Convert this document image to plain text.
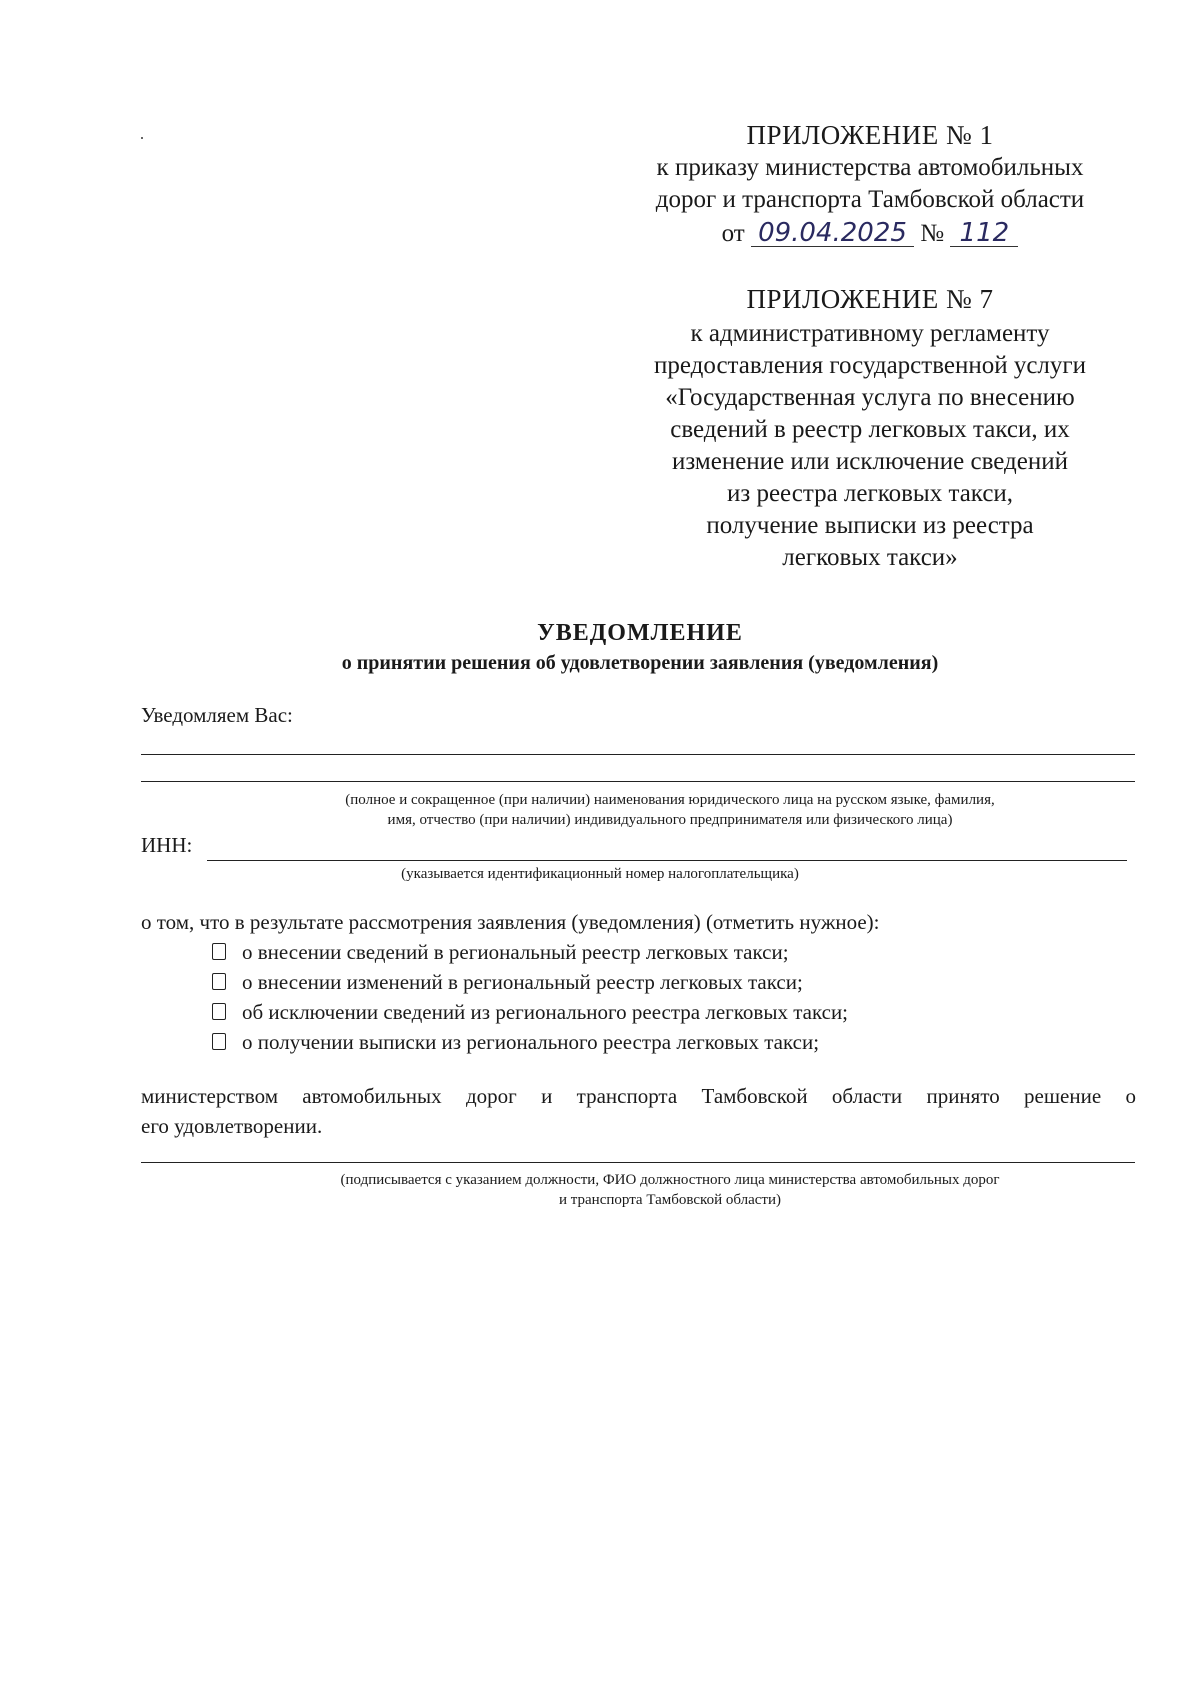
ПРИЛОЖЕНИЕ № 1
к приказу министерства автомобильных
дорог и транспорта Тамбовской области
от 09.04.2025 № 112
ПРИЛОЖЕНИЕ № 7
к административному регламенту
предоставления государственной услуги
«Государственная услуга по внесению
сведений в реестр легковых такси, их
изменение или исключение сведений
из реестра легковых такси,
получение выписки из реестра
легковых такси»
УВЕДОМЛЕНИЕ
о принятии решения об удовлетворении заявления (уведомления)
Уведомляем Вас:
(полное и сокращенное (при наличии) наименования юридического лица на русском языке, фамилия,
имя, отчество (при наличии) индивидуального предпринимателя или физического лица)
ИНН:
(указывается идентификационный номер налогоплательщика)
о том, что в результате рассмотрения заявления (уведомления) (отметить нужное):
о внесении сведений в региональный реестр легковых такси;
о внесении изменений в региональный реестр легковых такси;
об исключении сведений из регионального реестра легковых такси;
о получении выписки из регионального реестра легковых такси;
министерством автомобильных дорог и транспорта Тамбовской области принято решение о
его удовлетворении.
(подписывается с указанием должности, ФИО должностного лица министерства автомобильных дорог
и транспорта Тамбовской области)
